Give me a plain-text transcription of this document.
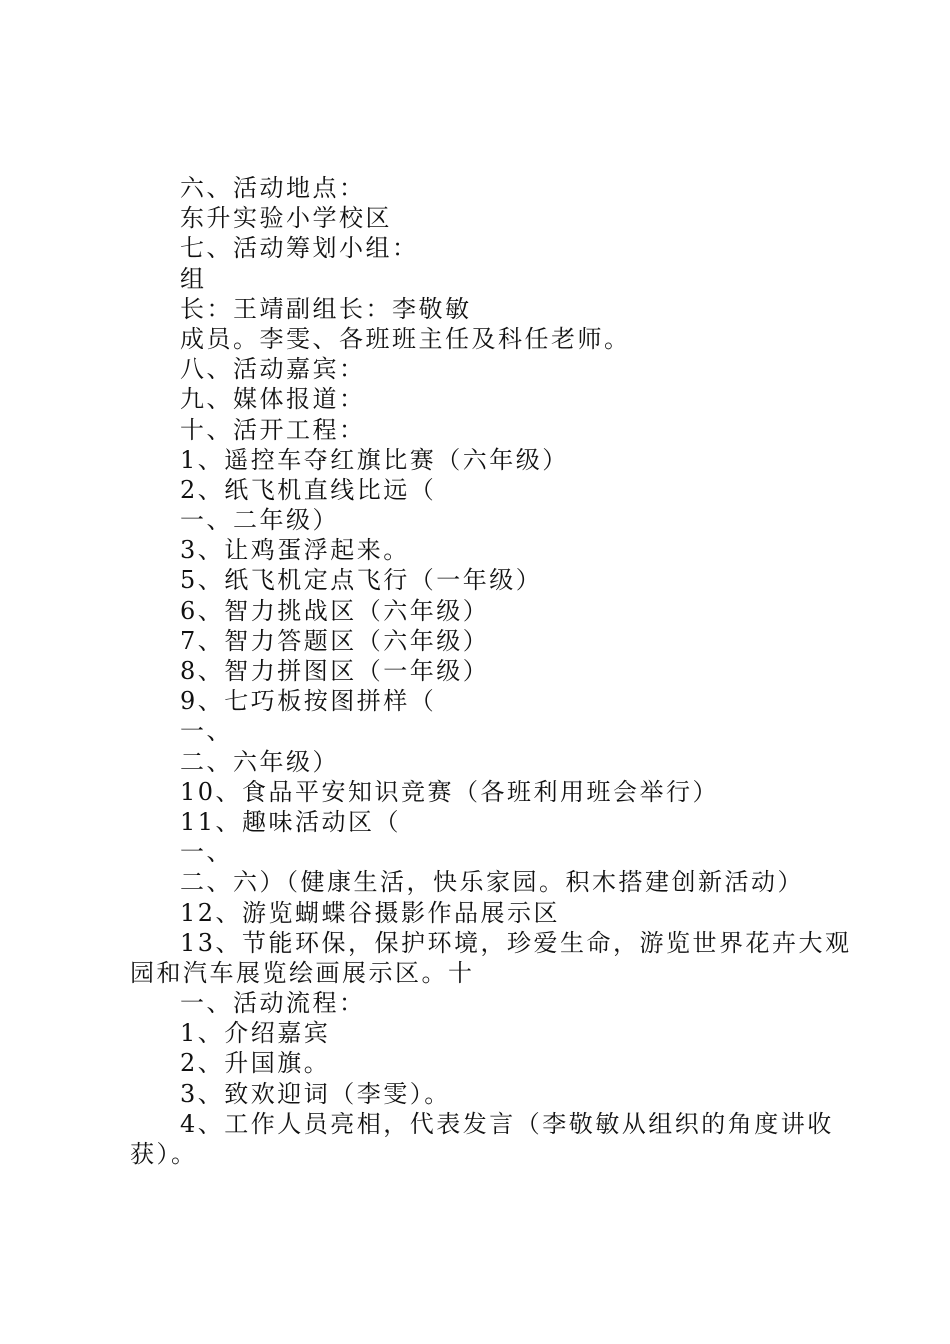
六、活动地点：
东升实验小学校区
七、活动筹划小组：
组
长：王靖副组长：李敬敏
成员。李雯、各班班主任及科任老师。
八、活动嘉宾：
九、媒体报道：
十、活开工程：
1、遥控车夺红旗比赛（六年级）
2、纸飞机直线比远（
一、二年级）
3、让鸡蛋浮起来。
5、纸飞机定点飞行（一年级）
6、智力挑战区（六年级）
7、智力答题区（六年级）
8、智力拼图区（一年级）
9、七巧板按图拼样（
一、
二、六年级）
10、食品平安知识竞赛（各班利用班会举行）
11、趣味活动区（
一、
二、六）（健康生活，快乐家园。积木搭建创新活动）
12、游览蝴蝶谷摄影作品展示区
13、节能环保，保护环境，珍爱生命，游览世界花卉大观
园和汽车展览绘画展示区。十
一、活动流程：
1、介绍嘉宾
2、升国旗。
3、致欢迎词（李雯）。
4、工作人员亮相，代表发言（李敬敏从组织的角度讲收
获）。
